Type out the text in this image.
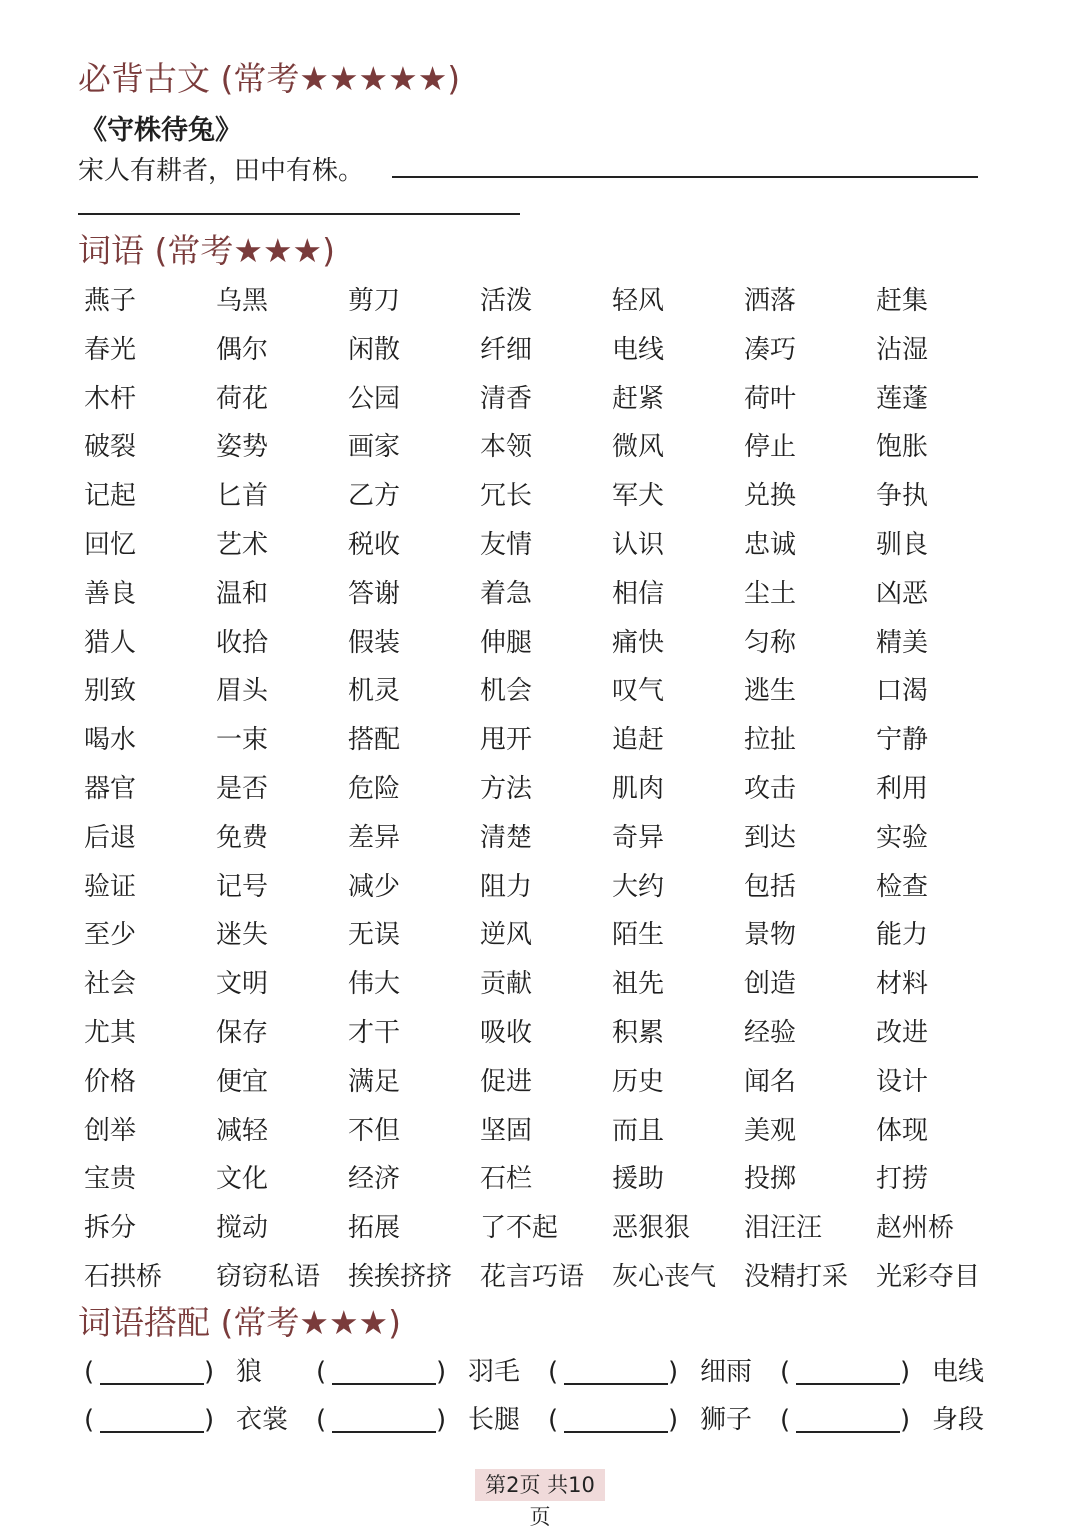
必背古文 (常考★★★★★)
《守株待兔》
宋人有耕者，田中有株。
词语 (常考★★★)
燕子	乌黑	剪刀	活泼	轻风	洒落	赶集
春光	偶尔	闲散	纤细	电线	凑巧	沾湿
木杆	荷花	公园	清香	赶紧	荷叶	莲蓬
破裂	姿势	画家	本领	微风	停止	饱胀
记起	匕首	乙方	冗长	军犬	兑换	争执
回忆	艺术	税收	友情	认识	忠诚	驯良
善良	温和	答谢	着急	相信	尘土	凶恶
猎人	收拾	假装	伸腿	痛快	匀称	精美
别致	眉头	机灵	机会	叹气	逃生	口渴
喝水	一束	搭配	甩开	追赶	拉扯	宁静
器官	是否	危险	方法	肌肉	攻击	利用
后退	免费	差异	清楚	奇异	到达	实验
验证	记号	减少	阻力	大约	包括	检查
至少	迷失	无误	逆风	陌生	景物	能力
社会	文明	伟大	贡献	祖先	创造	材料
尤其	保存	才干	吸收	积累	经验	改进
价格	便宜	满足	促进	历史	闻名	设计
创举	减轻	不但	坚固	而且	美观	体现
宝贵	文化	经济	石栏	援助	投掷	打捞
拆分	搅动	拓展	了不起	恶狠狠	泪汪汪	赵州桥
石拱桥	窃窃私语	挨挨挤挤	花言巧语	灰心丧气	没精打采	光彩夺目
词语搭配 (常考★★★)
(	) 狼 (	) 羽毛 (	) 细雨 (	) 电线
(	) 衣裳 (	) 长腿 (	) 狮子 (	) 身段
第2页 共10
页
